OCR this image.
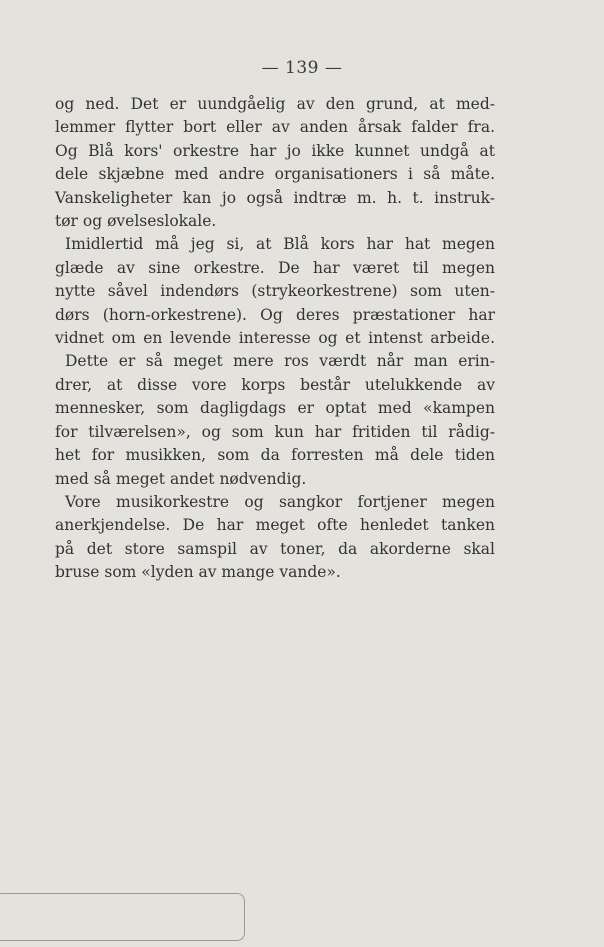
— 139 —
og ned. Det er uundgåelig av den grund, at med-
lemmer flytter bort eller av anden årsak falder fra.
Og Blå kors' orkestre har jo ikke kunnet undgå at
dele skjæbne med andre organisationers i så måte.
Vanskeligheter kan jo også indtræ m. h. t. instruk-
tør og øvelseslokale.
Imidlertid må jeg si, at Blå kors har hat megen
glæde av sine orkestre. De har været til megen
nytte såvel indendørs (strykeorkestrene) som uten-
dørs (horn-orkestrene). Og deres præstationer har
vidnet om en levende interesse og et intenst arbeide.
Dette er så meget mere ros værdt når man erin-
drer, at disse vore korps består utelukkende av
mennesker, som dagligdags er optat med «kampen
for tilværelsen», og som kun har fritiden til rådig-
het for musikken, som da forresten må dele tiden
med så meget andet nødvendig.
Vore musikorkestre og sangkor fortjener megen
anerkjendelse. De har meget ofte henledet tanken
på det store samspil av toner, da akorderne skal
bruse som «lyden av mange vande».
